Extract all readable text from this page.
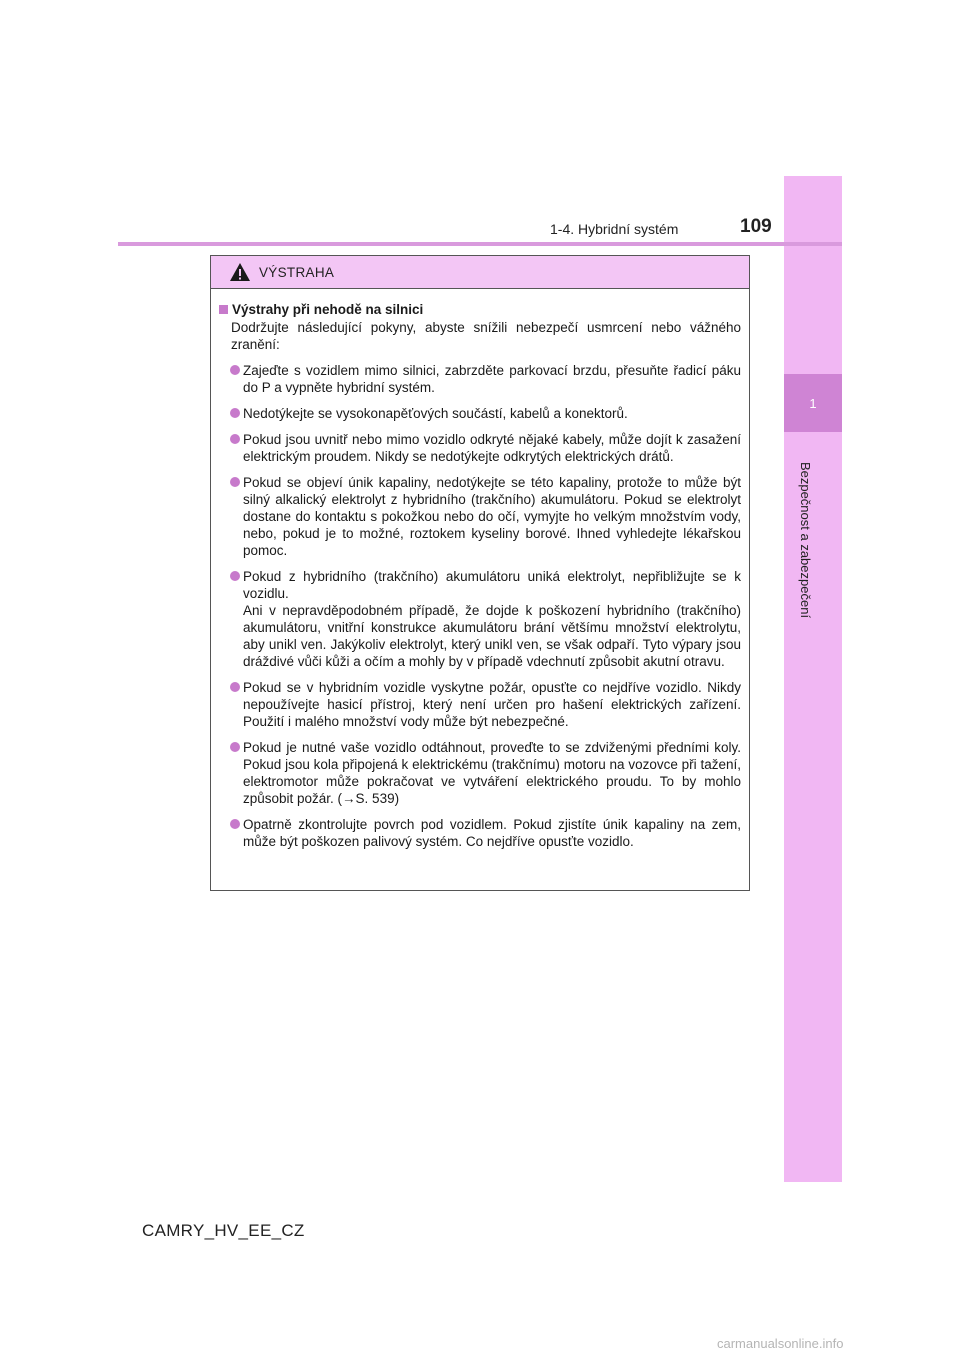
1
Bezpečnost a zabezpečení
1-4. Hybridní systém	109
VÝSTRAHA
Výstrahy při nehodě na silnici
Dodržujte následující pokyny, abyste snížili nebezpečí usmrcení nebo vážného zranění:
Zajeďte s vozidlem mimo silnici, zabrzděte parkovací brzdu, přesuňte řadicí páku do P a vypněte hybridní systém.
Nedotýkejte se vysokonapěťových součástí, kabelů a konektorů.
Pokud jsou uvnitř nebo mimo vozidlo odkryté nějaké kabely, může dojít k zasažení elektrickým proudem. Nikdy se nedotýkejte odkrytých elektrických drátů.
Pokud se objeví únik kapaliny, nedotýkejte se této kapaliny, protože to může být silný alkalický elektrolyt z hybridního (trakčního) akumulátoru. Pokud se elektrolyt dostane do kontaktu s pokožkou nebo do očí, vymyjte ho velkým množstvím vody, nebo, pokud je to možné, roztokem kyseliny borové. Ihned vyhledejte lékařskou pomoc.
Pokud z hybridního (trakčního) akumulátoru uniká elektrolyt, nepřibližujte se k vozidlu.
Ani v nepravděpodobném případě, že dojde k poškození hybridního (trakčního) akumulátoru, vnitřní konstrukce akumulátoru brání většímu množství elektrolytu, aby unikl ven. Jakýkoliv elektrolyt, který unikl ven, se však odpaří. Tyto výpary jsou dráždivé vůči kůži a očím a mohly by v případě vdechnutí způsobit akutní otravu.
Pokud se v hybridním vozidle vyskytne požár, opusťte co nejdříve vozidlo. Nikdy nepoužívejte hasicí přístroj, který není určen pro hašení elektrických zařízení. Použití i malého množství vody může být nebezpečné.
Pokud je nutné vaše vozidlo odtáhnout, proveďte to se zdviženými předními koly. Pokud jsou kola připojená k elektrickému (trakčnímu) motoru na vozovce při tažení, elektromotor může pokračovat ve vytváření elektrického proudu. To by mohlo způsobit požár. (→S. 539)
Opatrně zkontrolujte povrch pod vozidlem. Pokud zjistíte únik kapaliny na zem, může být poškozen palivový systém. Co nejdříve opusťte vozidlo.
CAMRY_HV_EE_CZ
carmanualsonline.info
